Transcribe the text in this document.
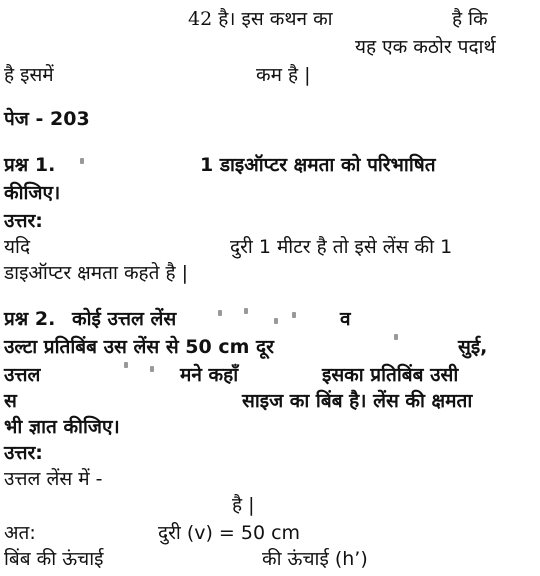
42 है। इस कथन का	है कि
यह एक कठोर पदार्थ
है इसमें	कम है |
पेज - 203
प्रश्न 1.	1 डाइऑप्टर क्षमता को परिभाषित
कीजिए।
उत्तर:
यदि	दुरी 1 मीटर है तो इसे लेंस की 1
डाइऑप्टर क्षमता कहते है |
प्रश्न 2. कोई उत्तल लेंस	व
उल्टा प्रतिबिंब उस लेंस से 50 cm दूर	सुई,
उत्तल	मने कहाँ	इसका प्रतिबिंब उसी
स	साइज का बिंब है। लेंस की क्षमता
भी ज्ञात कीजिए।
उत्तर:
उत्तल लेंस में -
है |
अत:	दुरी (v) = 50 cm
बिंब की ऊंचाई	की ऊंचाई (h’)
